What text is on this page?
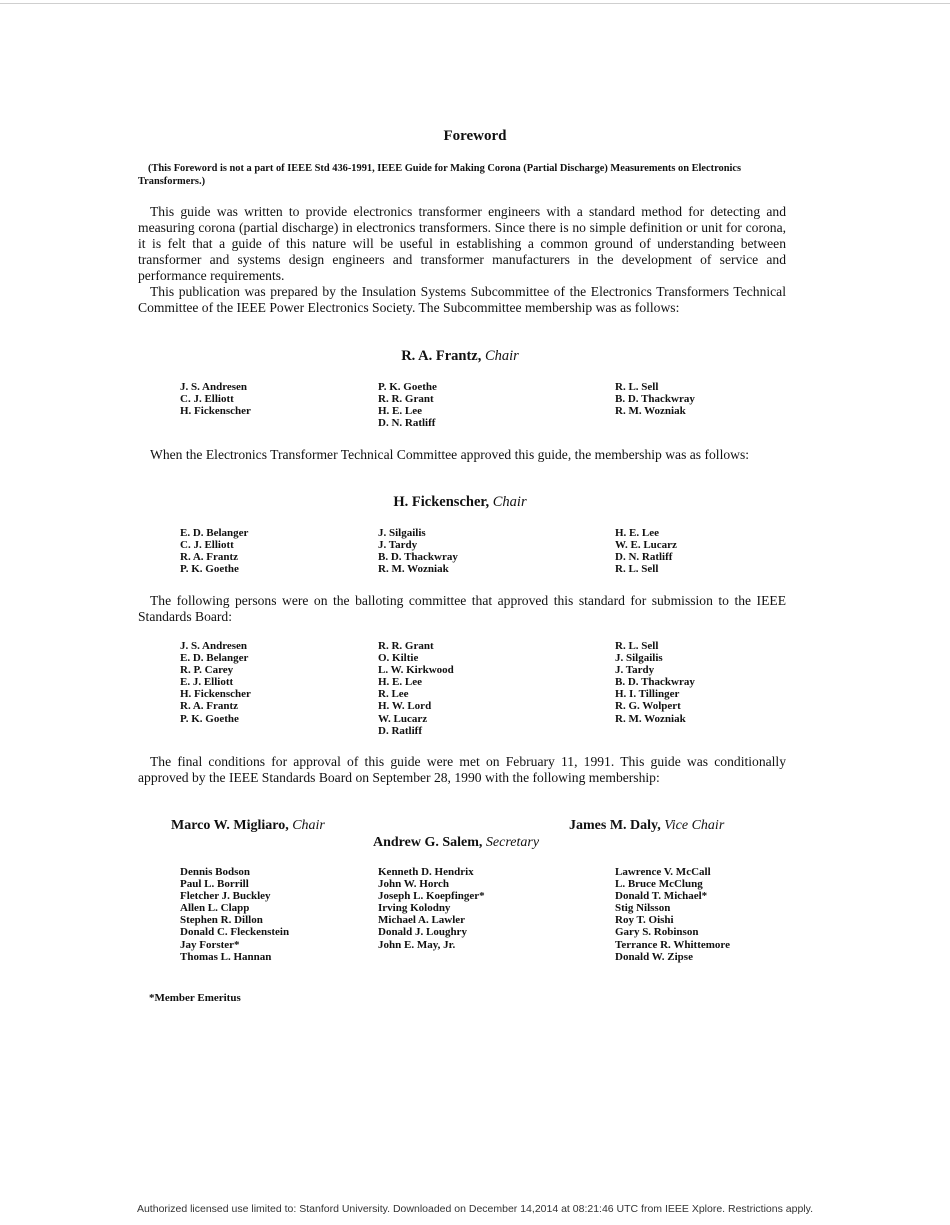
Foreword
(This Foreword is not a part of IEEE Std 436-1991, IEEE Guide for Making Corona (Partial Discharge) Measurements on Electronics Transformers.)

This guide was written to provide electronics transformer engineers with a standard method for detecting and measuring corona (partial discharge) in electronics transformers. Since there is no simple definition or unit for corona, it is felt that a guide of this nature will be useful in establishing a common ground of understanding between transformer and systems design engineers and transformer manufacturers in the development of service and performance requirements.

This publication was prepared by the Insulation Systems Subcommittee of the Electronics Transformers Technical Committee of the IEEE Power Electronics Society. The Subcommittee membership was as follows:

R. A. Frantz, Chair
J. S. Andresen
C. J. Elliott
H. Fickenscher
P. K. Goethe
R. R. Grant
H. E. Lee
D. N. Ratliff
R. L. Sell
B. D. Thackwray
R. M. Wozniak

When the Electronics Transformer Technical Committee approved this guide, the membership was as follows:

H. Fickenscher, Chair
E. D. Belanger
C. J. Elliott
R. A. Frantz
P. K. Goethe
J. Silgailis
J. Tardy
B. D. Thackwray
R. M. Wozniak
H. E. Lee
W. E. Lucarz
D. N. Ratliff
R. L. Sell

The following persons were on the balloting committee that approved this standard for submission to the IEEE Standards Board:

J. S. Andresen
E. D. Belanger
R. P. Carey
E. J. Elliott
H. Fickenscher
R. A. Frantz
P. K. Goethe
R. R. Grant
O. Kiltie
L. W. Kirkwood
H. E. Lee
R. Lee
H. W. Lord
W. Lucarz
D. Ratliff
R. L. Sell
J. Silgailis
J. Tardy
B. D. Thackwray
H. I. Tillinger
R. G. Wolpert
R. M. Wozniak

The final conditions for approval of this guide were met on February 11, 1991. This guide was conditionally approved by the IEEE Standards Board on September 28, 1990 with the following membership:

Marco W. Migliaro, Chair	James M. Daly, Vice Chair
Andrew G. Salem, Secretary
Dennis Bodson
Paul L. Borrill
Fletcher J. Buckley
Allen L. Clapp
Stephen R. Dillon
Donald C. Fleckenstein
Jay Forster*
Thomas L. Hannan
Kenneth D. Hendrix
John W. Horch
Joseph L. Koepfinger*
Irving Kolodny
Michael A. Lawler
Donald J. Loughry
John E. May, Jr.
Lawrence V. McCall
L. Bruce McClung
Donald T. Michael*
Stig Nilsson
Roy T. Oishi
Gary S. Robinson
Terrance R. Whittemore
Donald W. Zipse
*Member Emeritus
Authorized licensed use limited to: Stanford University. Downloaded on December 14,2014 at 08:21:46 UTC from IEEE Xplore. Restrictions apply.
